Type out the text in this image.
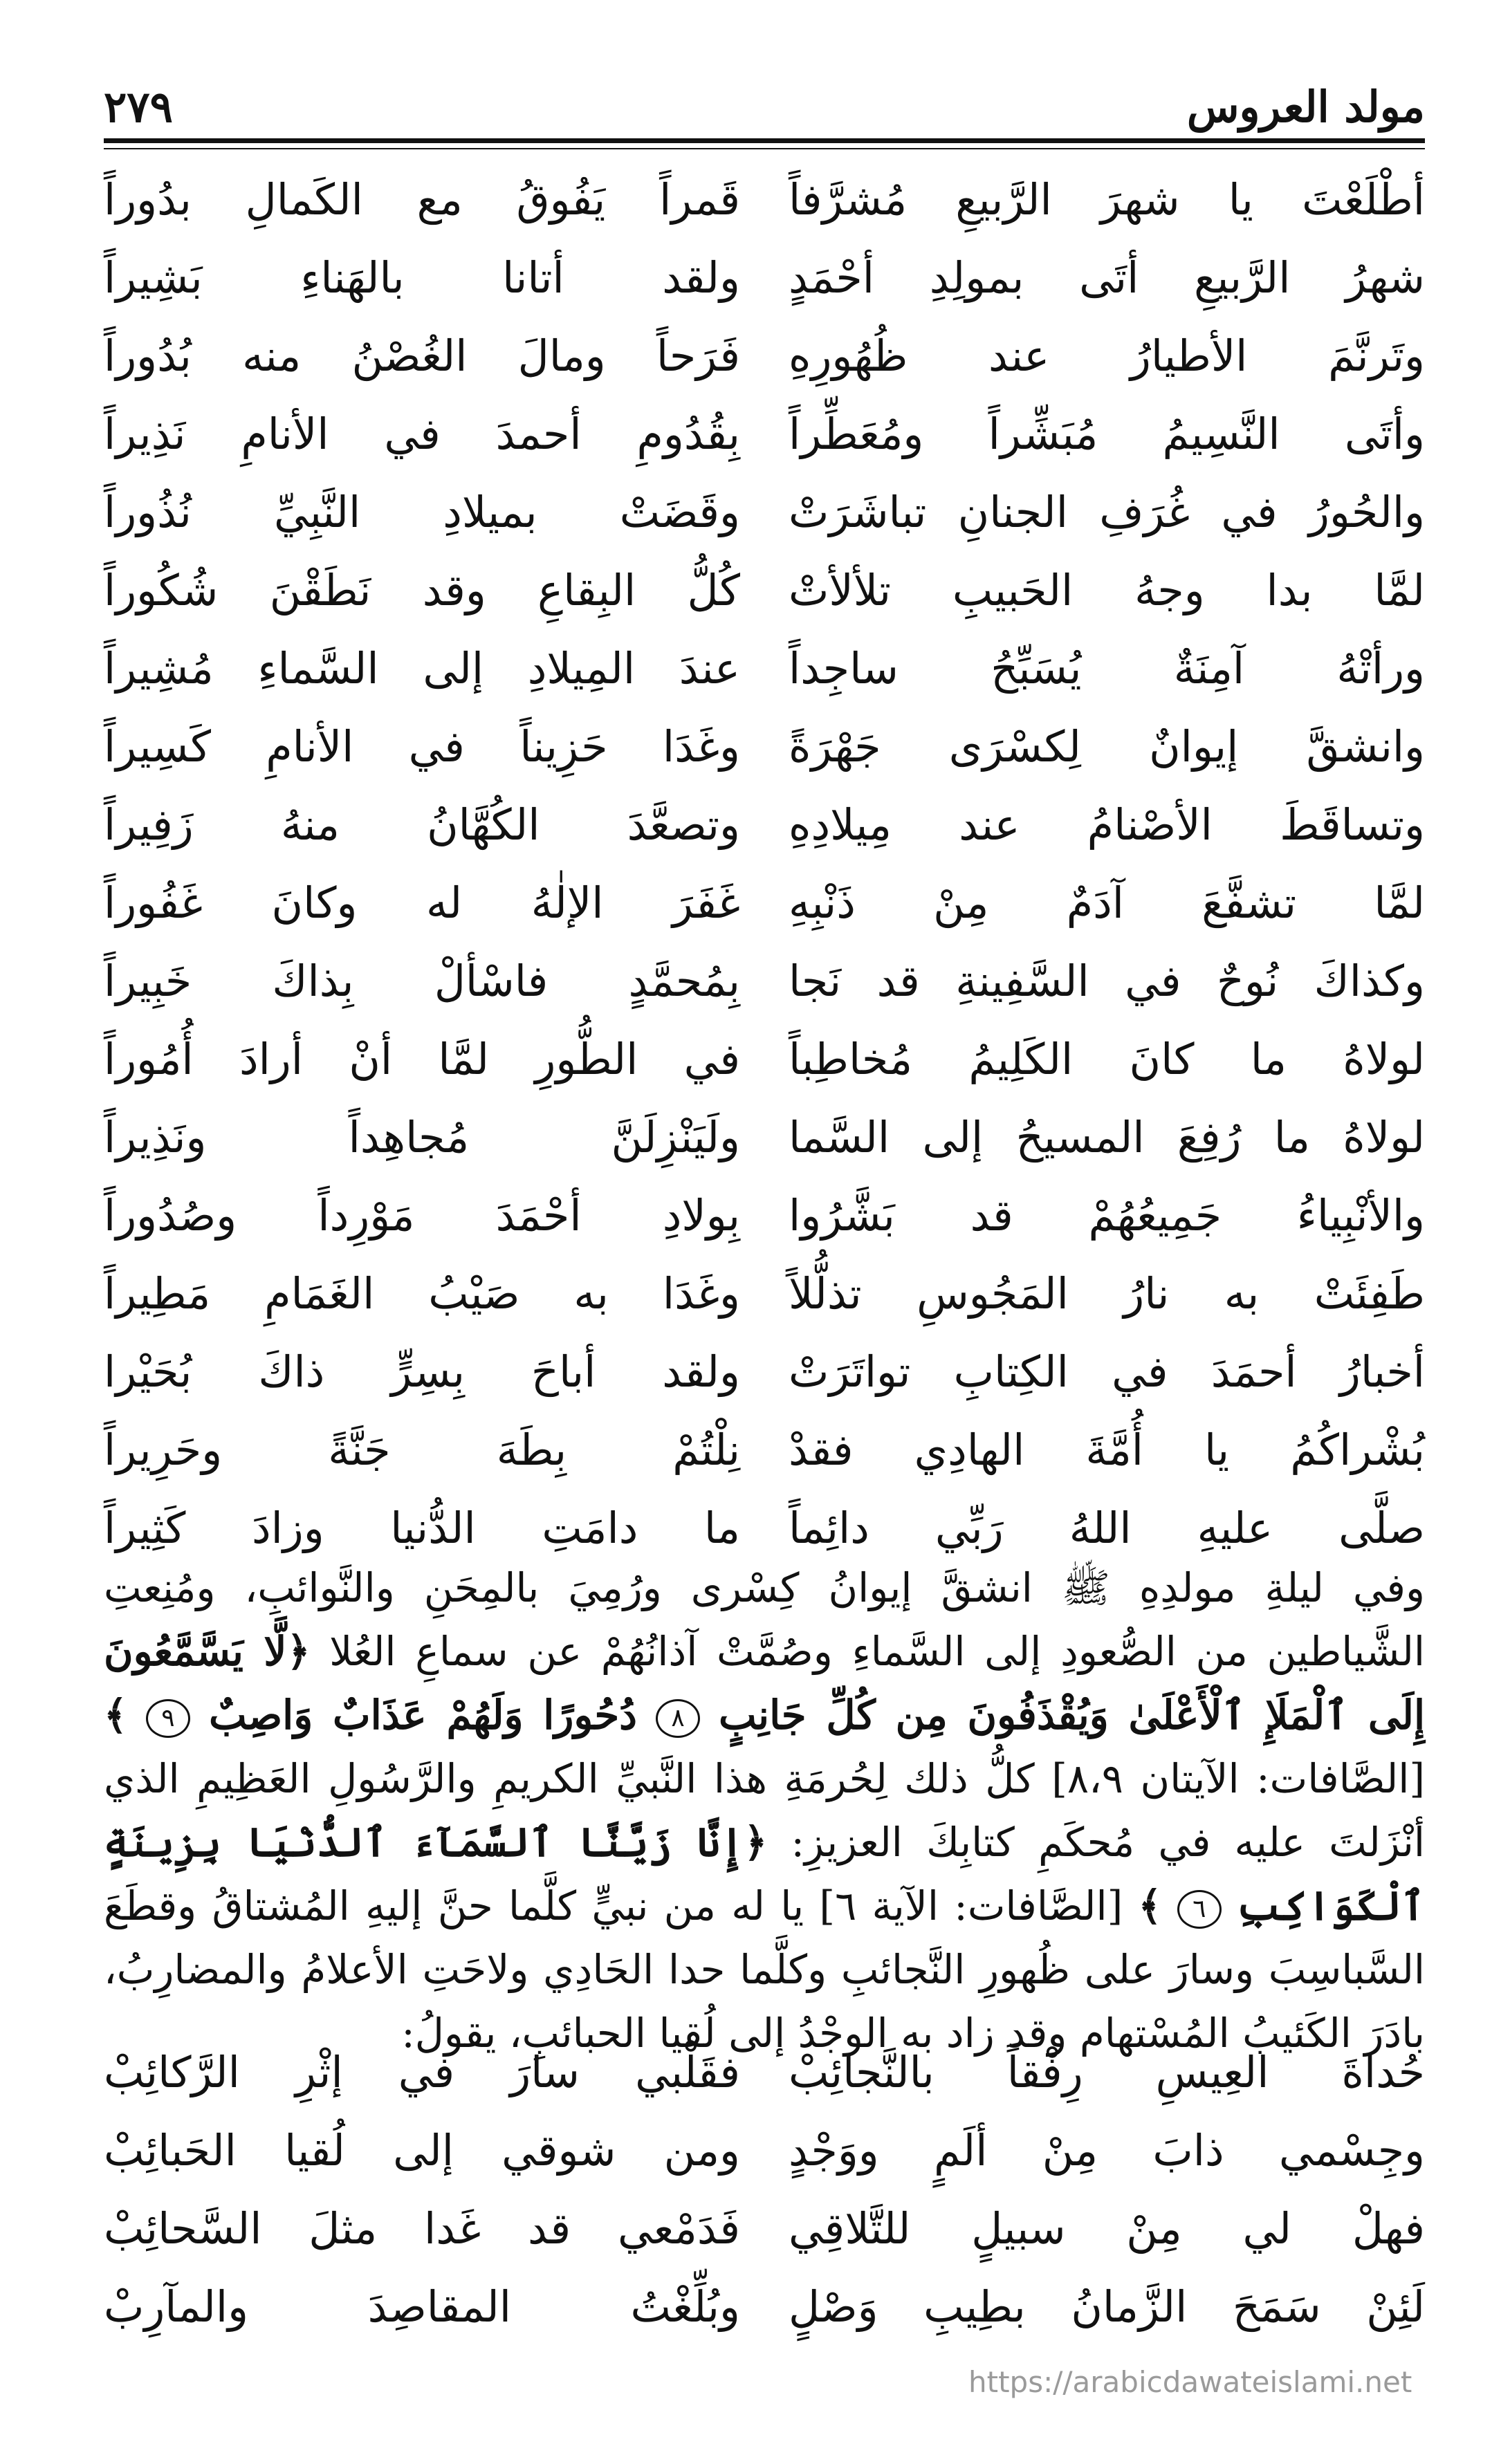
مولد العروس
٢٧٩
أطْلَعْتَ يا شهرَ الرَّبيعِ مُشرَّفاً
قَمراً يَفُوقُ مع الكَمالِ بدُوراً
شهرُ الرَّبيعِ أتَى بمولِدِ أحْمَدٍ
ولقد أتانا بالهَناءِ بَشِيراً
وتَرنَّمَ الأطيارُ عند ظُهُورِهِ
فَرَحاً ومالَ الغُصْنُ منه بُدُوراً
وأتَى النَّسِيمُ مُبَشِّراً ومُعَطِّراً
بِقُدُومِ أحمدَ في الأنامِ نَذِيراً
والحُورُ في غُرَفِ الجنانِ تباشَرَتْ
وقَضَتْ بميلادِ النَّبِيِّ نُذُوراً
لمَّا بدا وجهُ الحَبيبِ تلألأتْ
كُلُّ البِقاعِ وقد نَطَقْنَ شُكُوراً
ورأتْهُ آمِنَةٌ يُسَبِّحُ ساجِداً
عندَ المِيلادِ إلى السَّماءِ مُشِيراً
وانشقَّ إيوانٌ لِكسْرَى جَهْرَةً
وغَدَا حَزِيناً في الأنامِ كَسِيراً
وتساقَطَ الأصْنامُ عند مِيلادِهِ
وتصعَّدَ الكُهَّانُ منهُ زَفِيراً
لمَّا تشفَّعَ آدَمٌ مِنْ ذَنْبِهِ
غَفَرَ الإلٰهُ له وكانَ غَفُوراً
وكذاكَ نُوحٌ في السَّفِينةِ قد نَجا
بِمُحمَّدٍ فاسْألْ بِذاكَ خَبِيراً
لولاهُ ما كانَ الكَلِيمُ مُخاطِباً
في الطُّورِ لمَّا أنْ أرادَ أُمُوراً
لولاهُ ما رُفِعَ المسيحُ إلى السَّما
ولَيَنْزِلَنَّ مُجاهِداً ونَذِيراً
والأنْبِياءُ جَمِيعُهُمْ قد بَشَّرُوا
بِولادِ أحْمَدَ مَوْرِداً وصُدُوراً
طَفِئَتْ به نارُ المَجُوسِ تذلُّلاً
وغَدَا به صَيْبُ الغَمَامِ مَطِيراً
أخبارُ أحمَدَ في الكِتابِ تواتَرَتْ
ولقد أباحَ بِسِرٍّ ذاكَ بُحَيْرا
بُشْراكُمُ يا أُمَّةَ الهادِي فقدْ
نِلْتُمْ بِطَهَ جَنَّةً وحَرِيراً
صلَّى عليهِ اللهُ رَبِّي دائِماً
ما دامَتِ الدُّنيا وزادَ كَثِيراً
وفي ليلةِ مولدِهِ ﷺ انشقَّ إيوانُ كِسْرى ورُمِيَ بالمِحَنِ والنَّوائبِ، ومُنِعتِ الشَّياطين من الصُّعودِ إلى السَّماءِ وصُمَّتْ آذانُهُمْ عن سماعِ العُلا ﴿لَّا يَسَّمَّعُونَ إِلَى ٱلْمَلَإِ ٱلْأَعْلَىٰ وَيُقْذَفُونَ مِن كُلِّ جَانِبٍ ٨ دُحُورًا وَلَهُمْ عَذَابٌ وَاصِبٌ ٩ ﴾ [الصَّافات: الآيتان ٨،٩] كلُّ ذلك لِحُرمَةِ هذا النَّبيِّ الكريمِ والرَّسُولِ العَظِيمِ الذي أنْزَلتَ عليه في مُحكَمِ كتابِكَ العزيزِ: ﴿إِنَّا زَيَّنَّا ٱلسَّمَآءَ ٱلدُّنْيَا بِزِينَةٍ ٱلْكَوَاكِبِ ٦ ﴾ [الصَّافات: الآية ٦] يا له من نبيٍّ كلَّما حنَّ إليهِ المُشتاقُ وقطَعَ السَّباسِبَ وسارَ على ظُهورِ النَّجائبِ وكلَّما حدا الحَادِي ولاحَتِ الأعلامُ والمضارِبُ، بادَرَ الكَئيبُ المُسْتهام وقد زاد به الوجْدُ إلى لُقيا الحبائبِ، يقولُ:
حُداةَ العِيسِ رِفْقاً بالنَّجائِبْ
فقَلْبي سارَ في إثْرِ الرَّكائِبْ
وجِسْمي ذابَ مِنْ ألَمٍ ووَجْدٍ
ومن شوقي إلى لُقيا الحَبائِبْ
فهلْ لي مِنْ سبيلٍ للتَّلاقِي
فَدَمْعي قد غَدا مثلَ السَّحائِبْ
لَئِنْ سَمَحَ الزَّمانُ بطِيبِ وَصْلٍ
وبُلِّغْتُ المقاصِدَ والمآرِبْ
https://arabicdawateislami.net
